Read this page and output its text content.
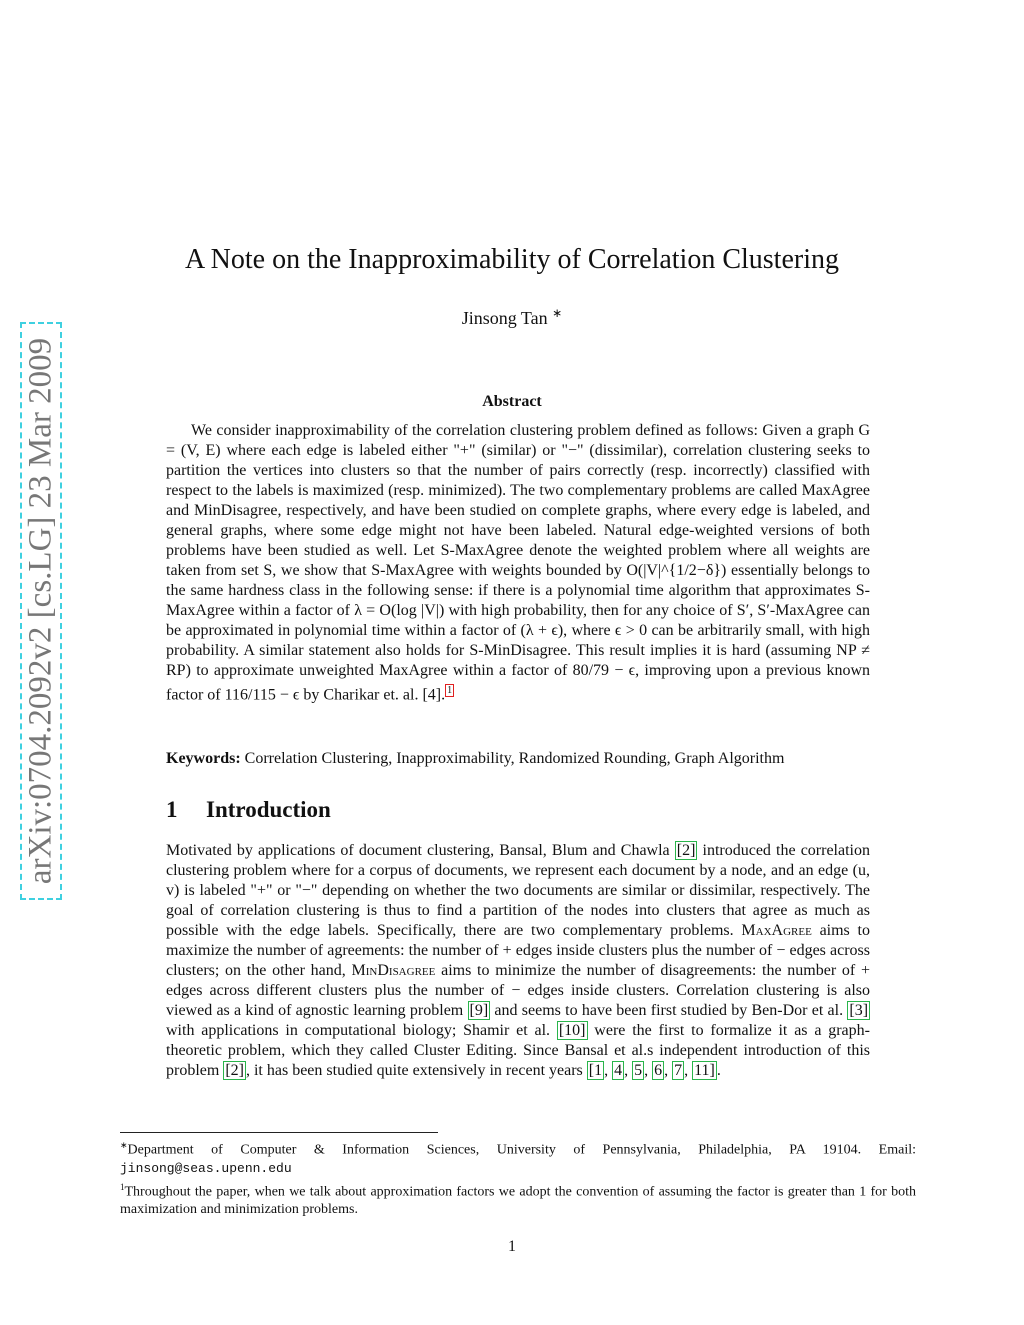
arXiv:0704.2092v2 [cs.LG] 23 Mar 2009
A Note on the Inapproximability of Correlation Clustering
Jinsong Tan ∗
Abstract

We consider inapproximability of the correlation clustering problem defined as follows: Given a graph G = (V, E) where each edge is labeled either "+" (similar) or "−" (dissimilar), correlation clustering seeks to partition the vertices into clusters so that the number of pairs correctly (resp. incorrectly) classified with respect to the labels is maximized (resp. minimized). The two complementary problems are called MaxAgree and MinDisagree, respectively, and have been studied on complete graphs, where every edge is labeled, and general graphs, where some edge might not have been labeled. Natural edge-weighted versions of both problems have been studied as well. Let S-MaxAgree denote the weighted problem where all weights are taken from set S, we show that S-MaxAgree with weights bounded by O(|V|^{1/2−δ}) essentially belongs to the same hardness class in the following sense: if there is a polynomial time algorithm that approximates S-MaxAgree within a factor of λ = O(log |V|) with high probability, then for any choice of S′, S′-MaxAgree can be approximated in polynomial time within a factor of (λ + ϵ), where ϵ > 0 can be arbitrarily small, with high probability. A similar statement also holds for S-MinDisagree. This result implies it is hard (assuming NP ≠ RP) to approximate unweighted MaxAgree within a factor of 80/79 − ϵ, improving upon a previous known factor of 116/115 − ϵ by Charikar et. al. [4]. $^1$

Keywords: Correlation Clustering, Inapproximability, Randomized Rounding, Graph Algorithm

1 Introduction

Motivated by applications of document clustering, Bansal, Blum and Chawla [2] introduced the correlation clustering problem where for a corpus of documents, we represent each document by a node, and an edge (u, v) is labeled "+" or "−" depending on whether the two documents are similar or dissimilar, respectively. The goal of correlation clustering is thus to find a partition of the nodes into clusters that agree as much as possible with the edge labels. Specifically, there are two complementary problems. MaxAgree aims to maximize the number of agreements: the number of + edges inside clusters plus the number of − edges across clusters; on the other hand, MinDisagree aims to minimize the number of disagreements: the number of + edges across different clusters plus the number of − edges inside clusters. Correlation clustering is also viewed as a kind of agnostic learning problem [9] and seems to have been first studied by Ben-Dor et al. [3] with applications in computational biology; Shamir et al. [10] were the first to formalize it as a graph-theoretic problem, which they called Cluster Editing. Since Bansal et al.s independent introduction of this problem [2] , it has been studied quite extensively in recent years [1 , 4 , 5 , 6 , 7 , 11] .

∗Department of Computer & Information Sciences, University of Pennsylvania, Philadelphia, PA 19104. Email: jinsong@seas.upenn.edu

$^1$Throughout the paper, when we talk about approximation factors we adopt the convention of assuming the factor is greater than 1 for both maximization and minimization problems.

1
